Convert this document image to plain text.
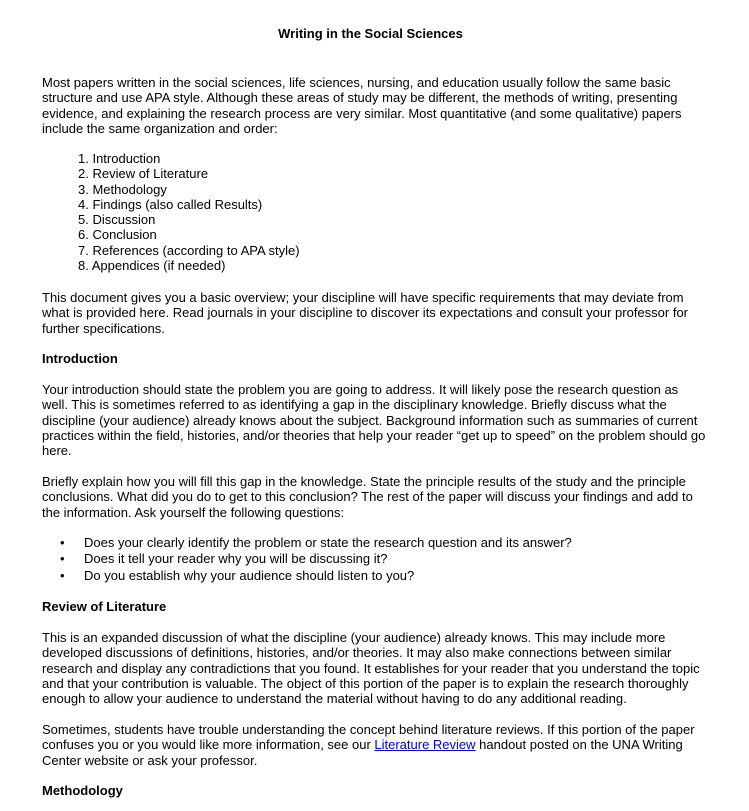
Writing in the Social Sciences

Most papers written in the social sciences, life sciences, nursing, and education usually follow the same basic structure and use APA style. Although these areas of study may be different, the methods of writing, presenting evidence, and explaining the research process are very similar. Most quantitative (and some qualitative) papers include the same organization and order:

1. Introduction
2. Review of Literature
3. Methodology
4. Findings (also called Results)
5. Discussion
6. Conclusion
7. References (according to APA style)
8. Appendices (if needed)

This document gives you a basic overview; your discipline will have specific requirements that may deviate from what is provided here. Read journals in your discipline to discover its expectations and consult your professor for further specifications.

Introduction

Your introduction should state the problem you are going to address. It will likely pose the research question as well. This is sometimes referred to as identifying a gap in the disciplinary knowledge. Briefly discuss what the discipline (your audience) already knows about the subject. Background information such as summaries of current practices within the field, histories, and/or theories that help your reader “get up to speed” on the problem should go here.

Briefly explain how you will fill this gap in the knowledge. State the principle results of the study and the principle conclusions. What did you do to get to this conclusion? The rest of the paper will discuss your findings and add to the information. Ask yourself the following questions:

• Does your clearly identify the problem or state the research question and its answer?
• Does it tell your reader why you will be discussing it?
• Do you establish why your audience should listen to you?
Review of Literature

This is an expanded discussion of what the discipline (your audience) already knows. This may include more developed discussions of definitions, histories, and/or theories. It may also make connections between similar research and display any contradictions that you found. It establishes for your reader that you understand the topic and that your contribution is valuable. The object of this portion of the paper is to explain the research thoroughly enough to allow your audience to understand the material without having to do any additional reading.

Sometimes, students have trouble understanding the concept behind literature reviews. If this portion of the paper confuses you or you would like more information, see our Literature Review handout posted on the UNA Writing Center website or ask your professor.

Methodology
